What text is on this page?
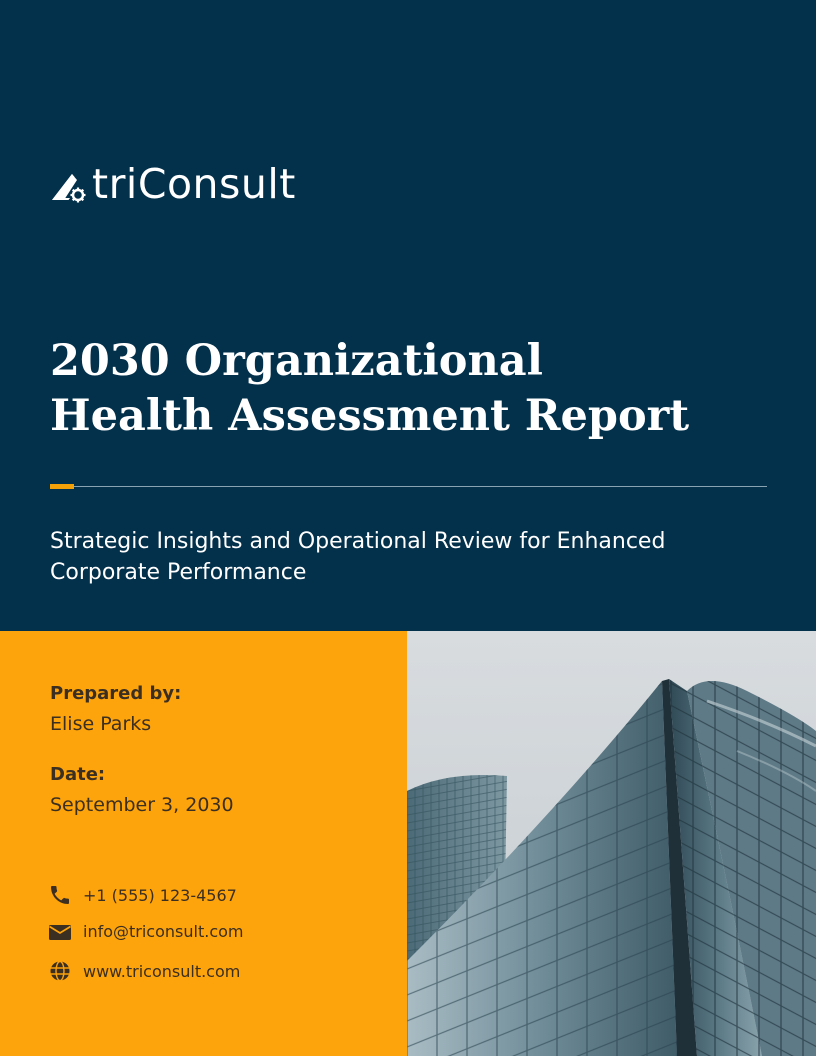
triConsult
2030 Organizational
Health Assessment Report
Strategic Insights and Operational Review for Enhanced Corporate Performance
Prepared by:
Elise Parks
Date:
September 3, 2030
+1 (555) 123-4567
info@triconsult.com
www.triconsult.com
